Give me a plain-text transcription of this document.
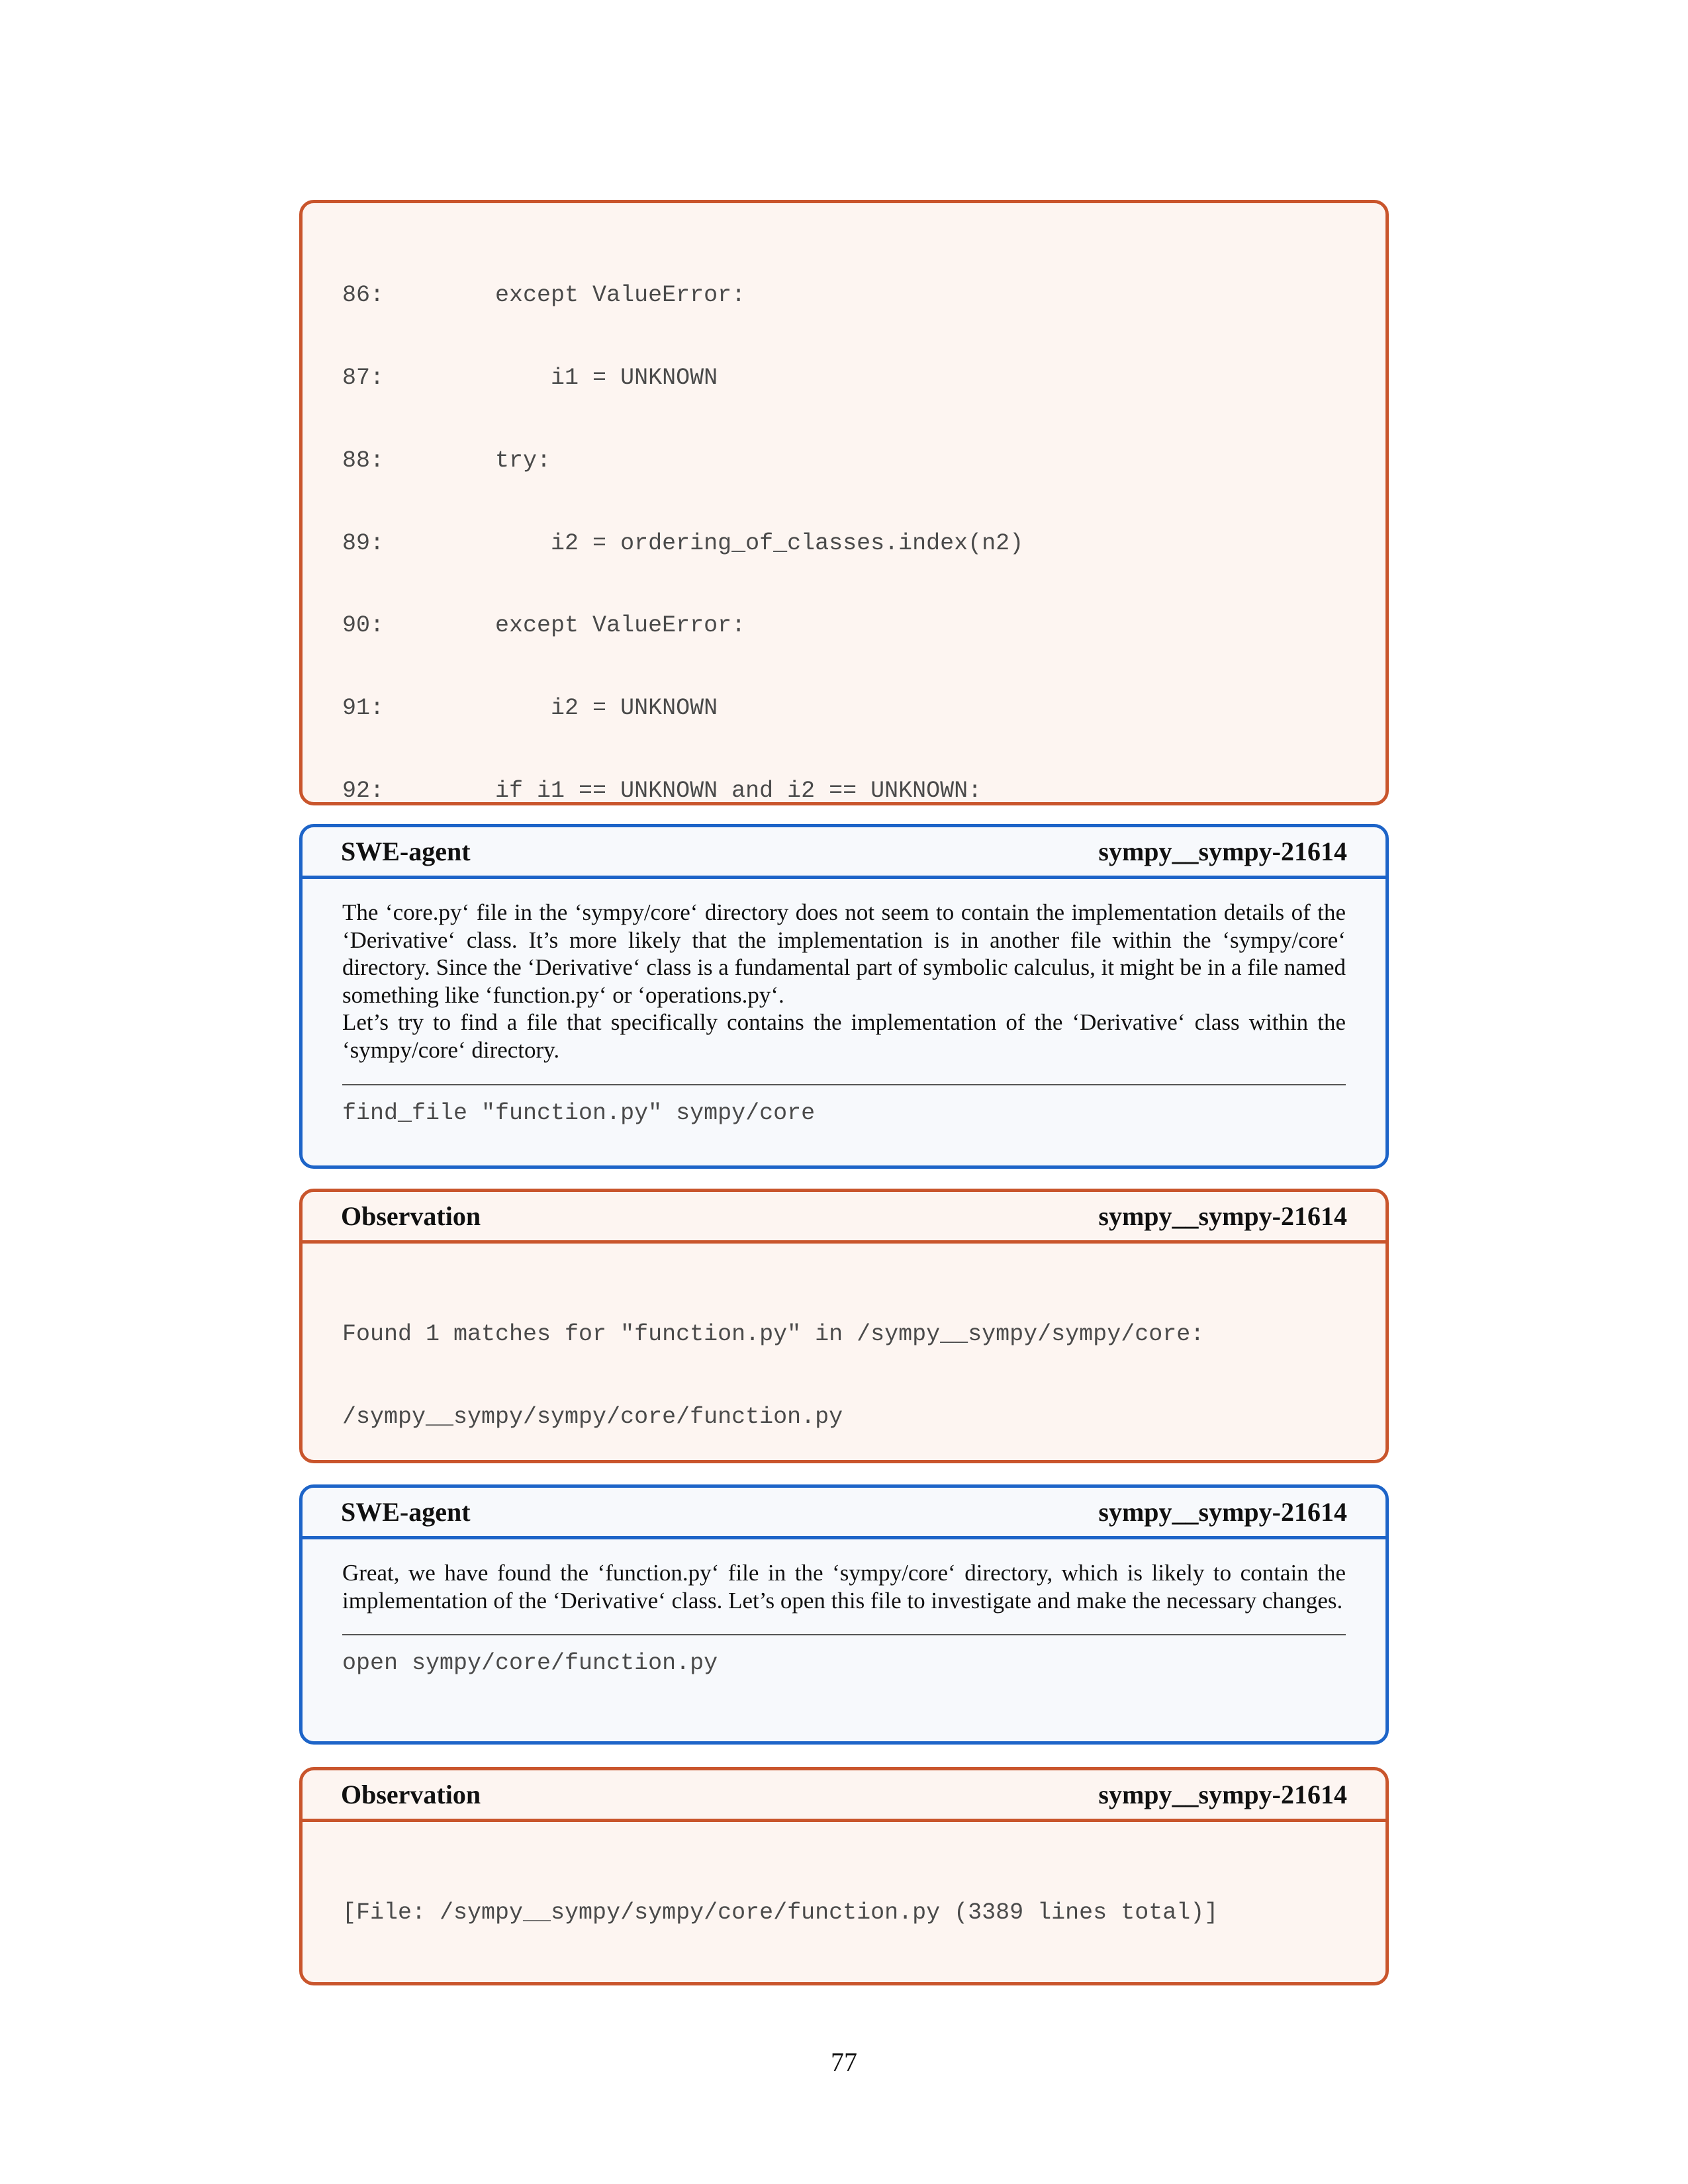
86:        except ValueError:

87:            i1 = UNKNOWN

88:        try:

89:            i2 = ordering_of_classes.index(n2)

90:        except ValueError:

91:            i2 = UNKNOWN

92:        if i1 == UNKNOWN and i2 == UNKNOWN:

SWE-agent	sympy__sympy-21614

The ‘core.py‘ file in the ‘sympy/core‘ directory does not seem to contain the implementation details of the ‘Derivative‘ class. It’s more likely that the implementation is in another file within the ‘sympy/core‘ directory. Since the ‘Derivative‘ class is a fundamental part of symbolic calculus, it might be in a file named something like ‘function.py‘ or ‘operations.py‘.

Let’s try to find a file that specifically contains the implementation of the ‘Derivative‘ class within the ‘sympy/core‘ directory.

find_file "function.py" sympy/core
Observation	sympy__sympy-21614

Found 1 matches for "function.py" in /sympy__sympy/sympy/core:

/sympy__sympy/sympy/core/function.py

SWE-agent	sympy__sympy-21614

Great, we have found the ‘function.py‘ file in the ‘sympy/core‘ directory, which is likely to contain the implementation of the ‘Derivative‘ class. Let’s open this file to investigate and make the necessary changes.

open sympy/core/function.py
Observation	sympy__sympy-21614

[File: /sympy__sympy/sympy/core/function.py (3389 lines total)]

77
